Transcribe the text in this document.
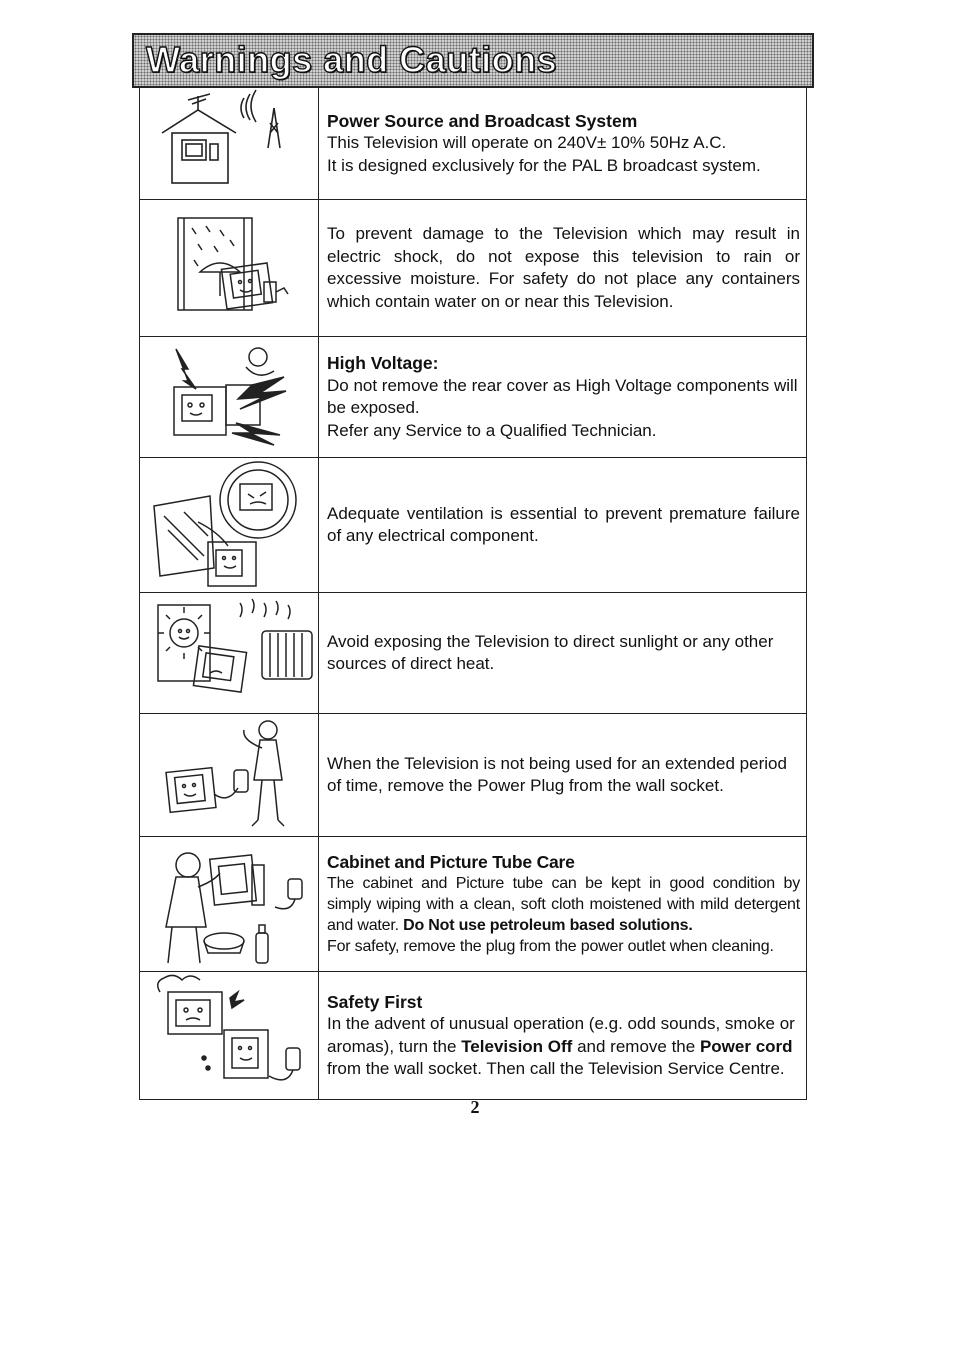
Warnings and Cautions
Power Source and Broadcast System
This Television will operate on 240V± 10% 50Hz A.C.
It is designed exclusively for the PAL B broadcast system.
To prevent damage to the Television which may result in electric shock, do not expose this television to rain or excessive moisture. For safety do not place any containers which contain water on or near this Television.
High Voltage:
Do not remove the rear cover as High Voltage components will be exposed.
Refer any Service to a Qualified Technician.
Adequate ventilation is essential to prevent premature failure of any electrical component.
Avoid exposing the Television to direct sunlight or any other sources of direct heat.
When the Television is not being used for an extended period of time, remove the Power Plug from the wall socket.
Cabinet and Picture Tube Care
The cabinet and Picture tube can be kept in good condition by simply wiping with a clean, soft cloth moistened with mild detergent and water. Do Not use petroleum based solutions.
For safety, remove the plug from the power outlet when cleaning.
Safety First
In the advent of unusual operation (e.g. odd sounds, smoke or aromas), turn the Television Off and remove the Power cord from the wall socket. Then call the Television Service Centre.
2
